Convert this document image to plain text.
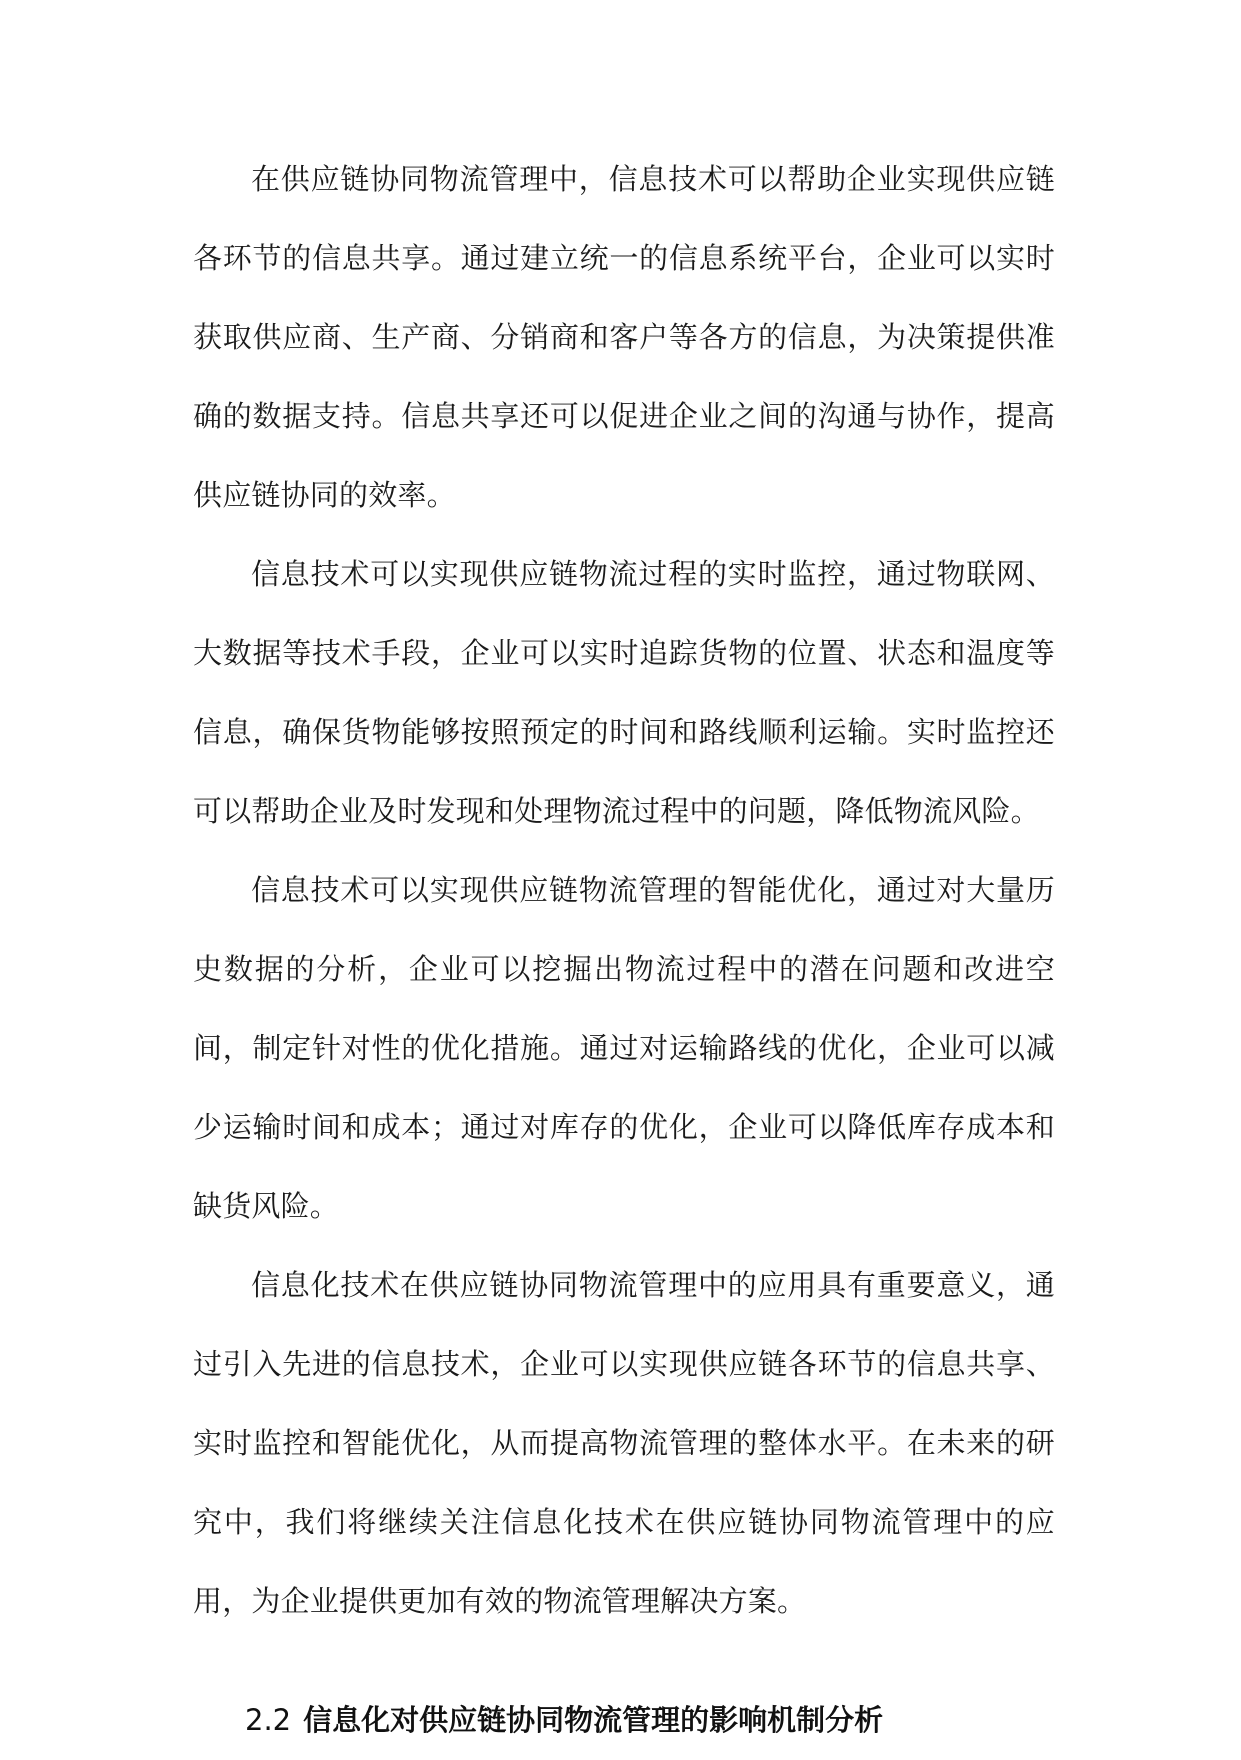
在供应链协同物流管理中，信息技术可以帮助企业实现供应链各环节的信息共享。通过建立统一的信息系统平台，企业可以实时获取供应商、生产商、分销商和客户等各方的信息，为决策提供准确的数据支持。信息共享还可以促进企业之间的沟通与协作，提高供应链协同的效率。

信息技术可以实现供应链物流过程的实时监控，通过物联网、大数据等技术手段，企业可以实时追踪货物的位置、状态和温度等信息，确保货物能够按照预定的时间和路线顺利运输。实时监控还可以帮助企业及时发现和处理物流过程中的问题，降低物流风险。

信息技术可以实现供应链物流管理的智能优化，通过对大量历史数据的分析，企业可以挖掘出物流过程中的潜在问题和改进空间，制定针对性的优化措施。通过对运输路线的优化，企业可以减少运输时间和成本；通过对库存的优化，企业可以降低库存成本和缺货风险。

信息化技术在供应链协同物流管理中的应用具有重要意义，通过引入先进的信息技术，企业可以实现供应链各环节的信息共享、实时监控和智能优化，从而提高物流管理的整体水平。在未来的研究中，我们将继续关注信息化技术在供应链协同物流管理中的应用，为企业提供更加有效的物流管理解决方案。

2.2 信息化对供应链协同物流管理的影响机制分析
